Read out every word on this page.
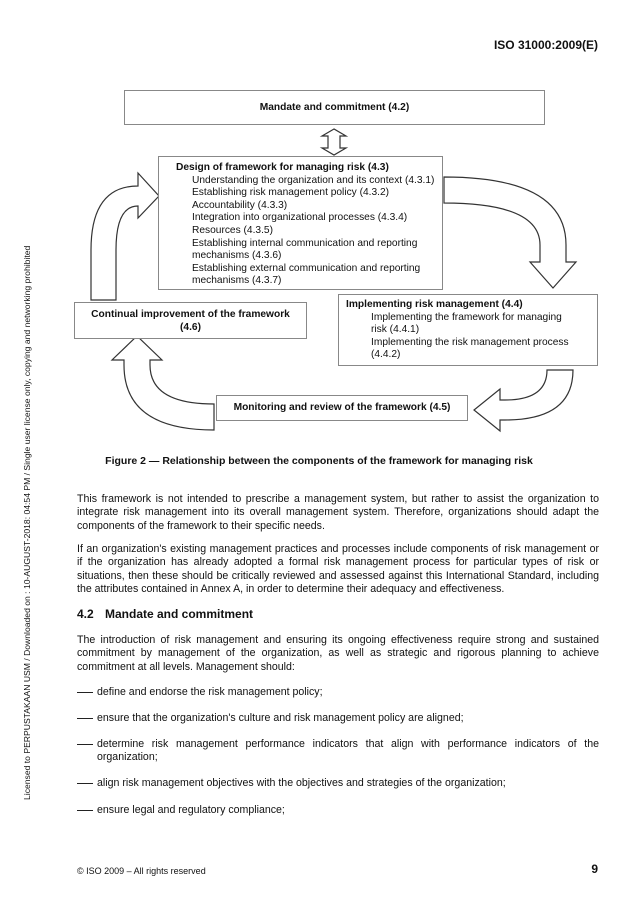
ISO 31000:2009(E)
Licensed to PERPUSTAKAAN USM / Downloaded on : 10-AUGUST-2018: 04:54 PM / Single user license only, copying and networking prohibited
Mandate and commitment (4.2)
Design of framework for managing risk (4.3)
Understanding the organization and its context (4.3.1)
Establishing risk management policy (4.3.2)
Accountability (4.3.3)
Integration into organizational processes (4.3.4)
Resources (4.3.5)
Establishing internal communication and reporting
mechanisms (4.3.6)
Establishing external communication and reporting
mechanisms (4.3.7)
Implementing risk management (4.4)
Implementing the framework for managing
risk (4.4.1)
Implementing the risk management process
(4.4.2)
Continual improvement of the framework
(4.6)
Monitoring and review of the framework (4.5)
Figure 2 — Relationship between the components of the framework for managing risk
This framework is not intended to prescribe a management system, but rather to assist the organization to integrate risk management into its overall management system. Therefore, organizations should adapt the components of the framework to their specific needs.
If an organization's existing management practices and processes include components of risk management or if the organization has already adopted a formal risk management process for particular types of risk or situations, then these should be critically reviewed and assessed against this International Standard, including the attributes contained in Annex A, in order to determine their adequacy and effectiveness.
4.2 Mandate and commitment
The introduction of risk management and ensuring its ongoing effectiveness require strong and sustained commitment by management of the organization, as well as strategic and rigorous planning to achieve commitment at all levels. Management should:
define and endorse the risk management policy;
ensure that the organization's culture and risk management policy are aligned;
determine risk management performance indicators that align with performance indicators of the organization;
align risk management objectives with the objectives and strategies of the organization;
ensure legal and regulatory compliance;
© ISO 2009 – All rights reserved	9
